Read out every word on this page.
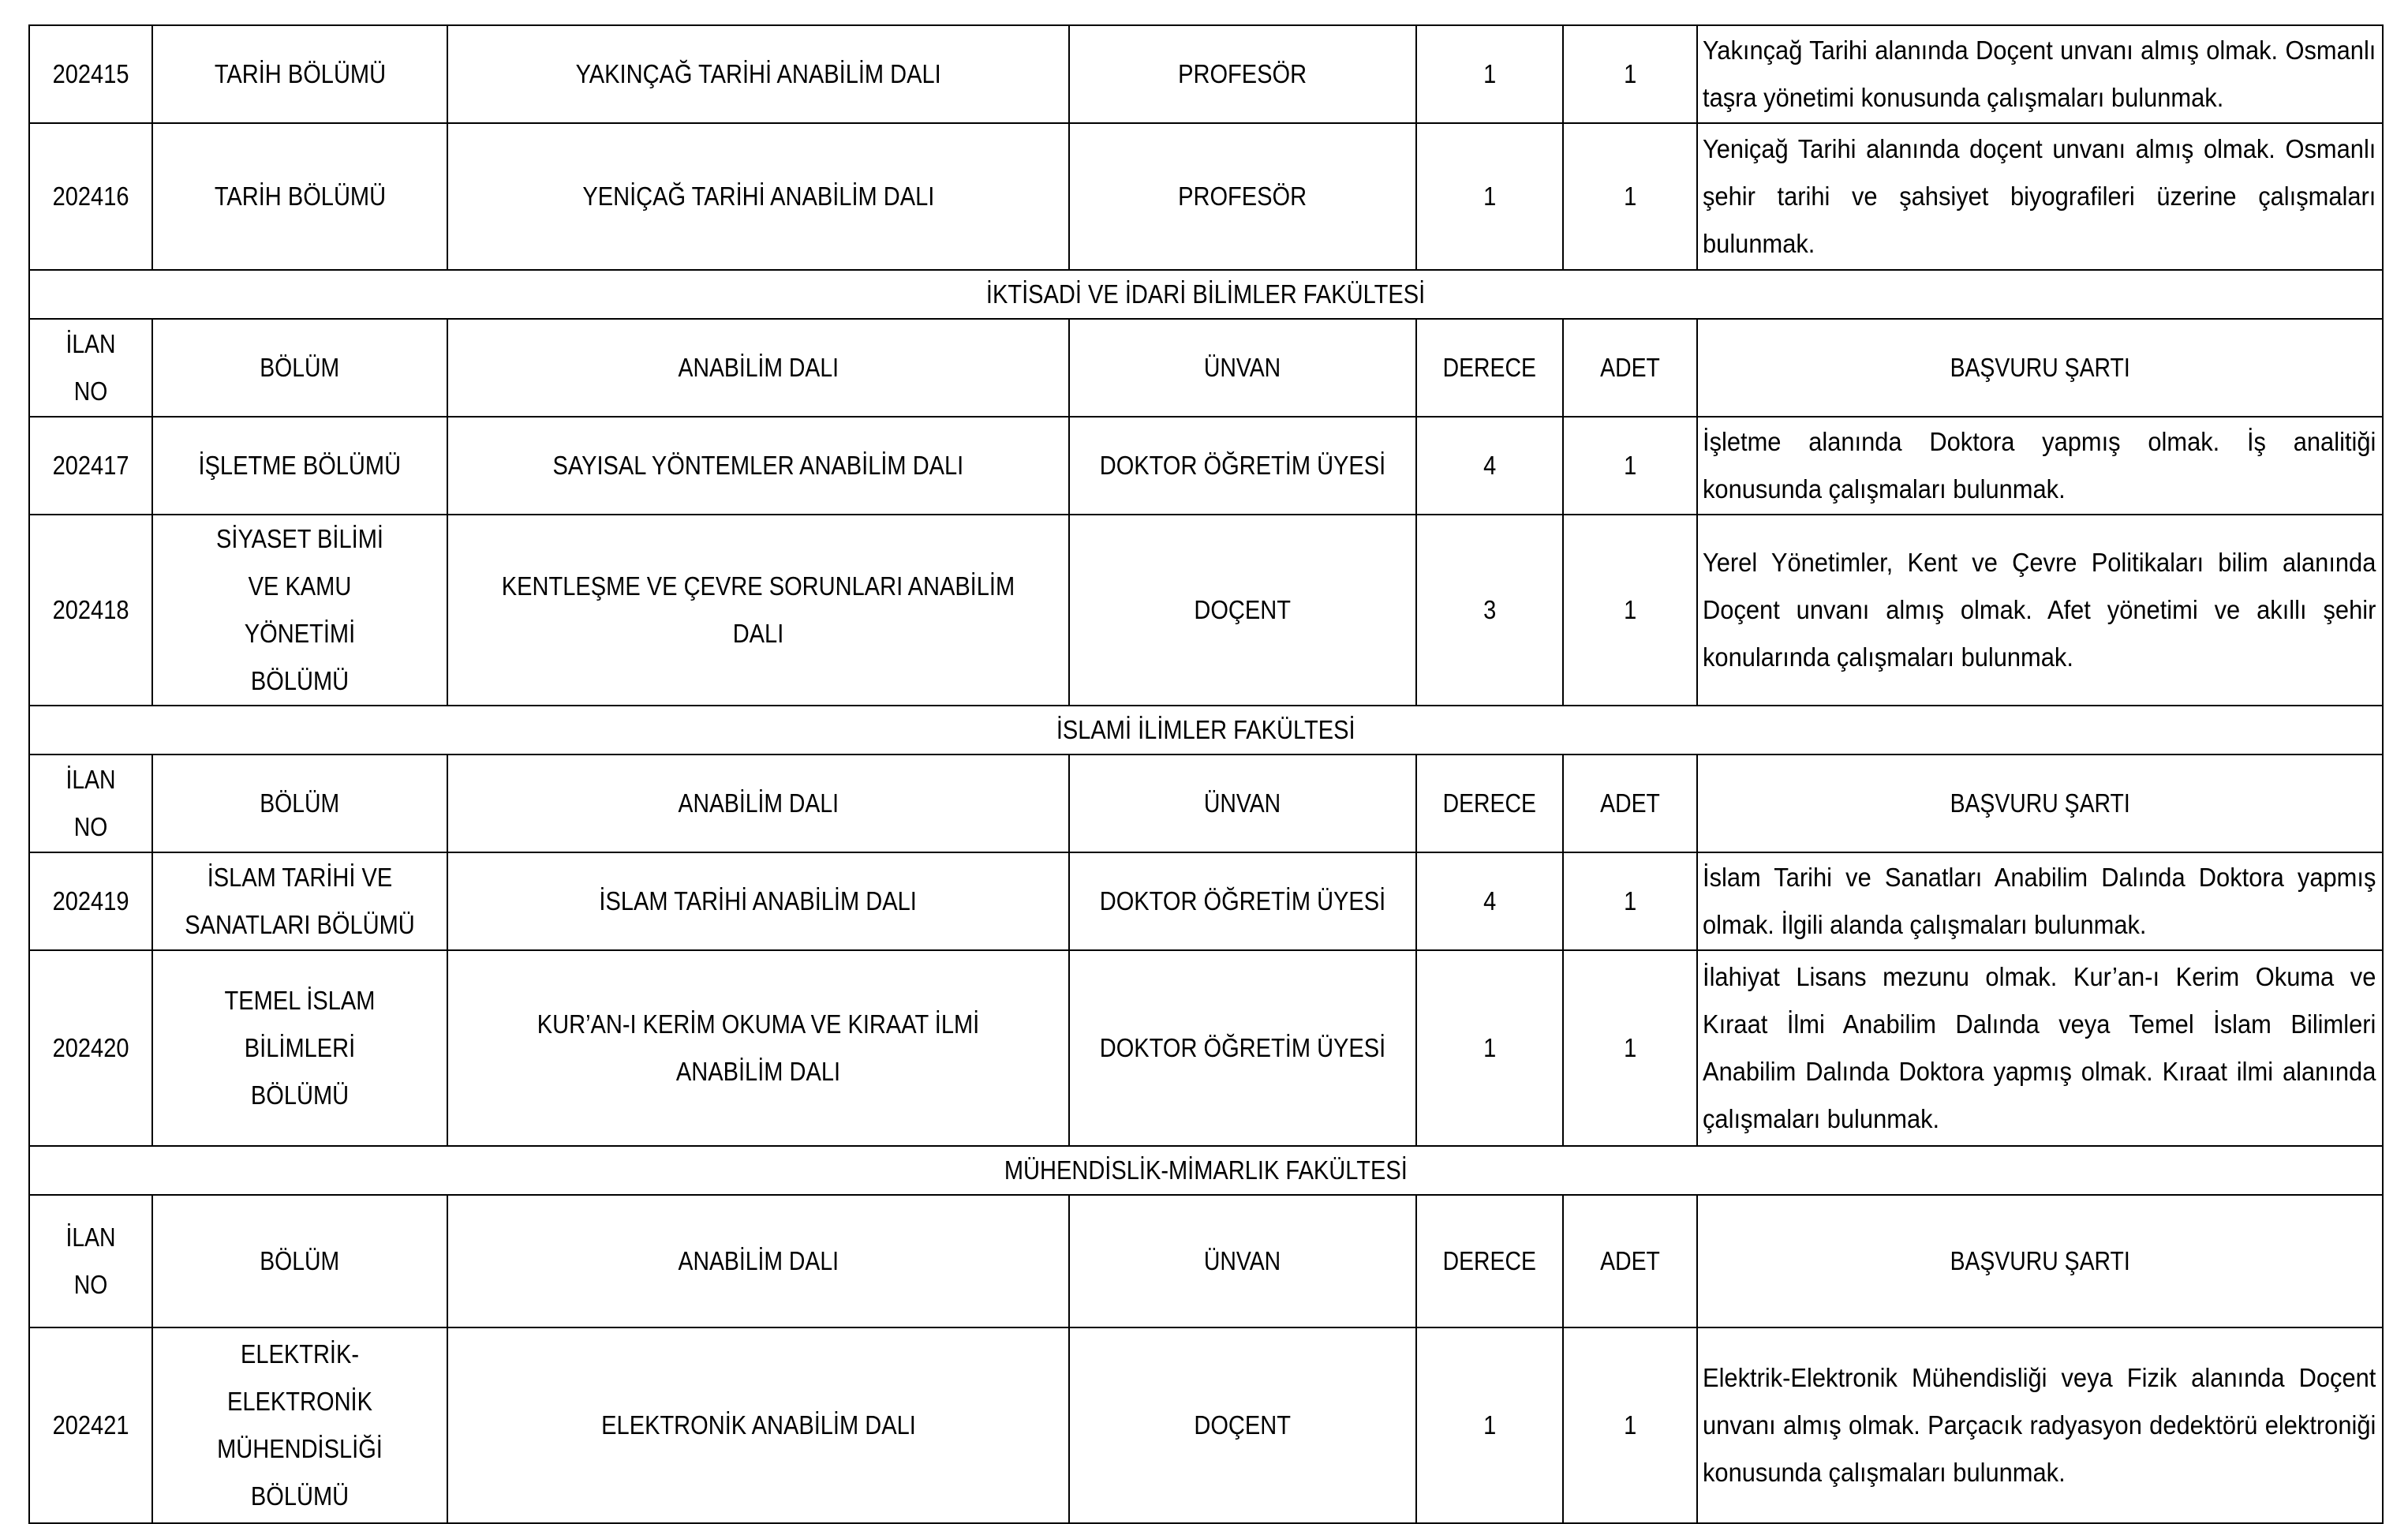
202415	TARİH BÖLÜMÜ	YAKINÇAĞ TARİHİ ANABİLİM DALI	PROFESÖR	1	1	Yakınçağ Tarihi alanında Doçent unvanı almış olmak. Osmanlı taşra yönetimi konusunda çalışmaları bulunmak.

202416	TARİH BÖLÜMÜ	YENİÇAĞ TARİHİ ANABİLİM DALI	PROFESÖR	1	1	Yeniçağ Tarihi alanında doçent unvanı almış olmak. Osmanlı şehir tarihi ve şahsiyet biyografileri üzerine çalışmaları bulunmak.

İKTİSADİ VE İDARİ BİLİMLER FAKÜLTESİ						
İLAN NO	BÖLÜM	ANABİLİM DALI	ÜNVAN	DERECE	ADET	BAŞVURU ŞARTI
202417	İŞLETME BÖLÜMÜ	SAYISAL YÖNTEMLER ANABİLİM DALI	DOKTOR ÖĞRETİM ÜYESİ	4	1	İşletme alanında Doktora yapmış olmak. İş analitiği konusunda çalışmaları bulunmak.

202418	SİYASET BİLİMİ VE KAMU YÖNETİMİ BÖLÜMÜ	KENTLEŞME VE ÇEVRE SORUNLARI ANABİLİM DALI	DOÇENT	3	1	Yerel Yönetimler, Kent ve Çevre Politikaları bilim alanında Doçent unvanı almış olmak. Afet yönetimi ve akıllı şehir konularında çalışmaları bulunmak.

İSLAMİ İLİMLER FAKÜLTESİ						
İLAN NO	BÖLÜM	ANABİLİM DALI	ÜNVAN	DERECE	ADET	BAŞVURU ŞARTI
202419	İSLAM TARİHİ VE SANATLARI BÖLÜMÜ	İSLAM TARİHİ ANABİLİM DALI	DOKTOR ÖĞRETİM ÜYESİ	4	1	İslam Tarihi ve Sanatları Anabilim Dalında Doktora yapmış olmak. İlgili alanda çalışmaları bulunmak.

202420	TEMEL İSLAM BİLİMLERİ BÖLÜMÜ	KUR’AN-I KERİM OKUMA VE KIRAAT İLMİ ANABİLİM DALI	DOKTOR ÖĞRETİM ÜYESİ	1	1	İlahiyat Lisans mezunu olmak. Kur’an-ı Kerim Okuma ve Kıraat İlmi Anabilim Dalında veya Temel İslam Bilimleri Anabilim Dalında Doktora yapmış olmak. Kıraat ilmi alanında çalışmaları bulunmak.

MÜHENDİSLİK-MİMARLIK FAKÜLTESİ						
İLAN NO	BÖLÜM	ANABİLİM DALI	ÜNVAN	DERECE	ADET	BAŞVURU ŞARTI
202421	ELEKTRİK-ELEKTRONİK MÜHENDİSLİĞİ BÖLÜMÜ	ELEKTRONİK ANABİLİM DALI	DOÇENT	1	1	Elektrik-Elektronik Mühendisliği veya Fizik alanında Doçent unvanı almış olmak. Parçacık radyasyon dedektörü elektroniği konusunda çalışmaları bulunmak.
